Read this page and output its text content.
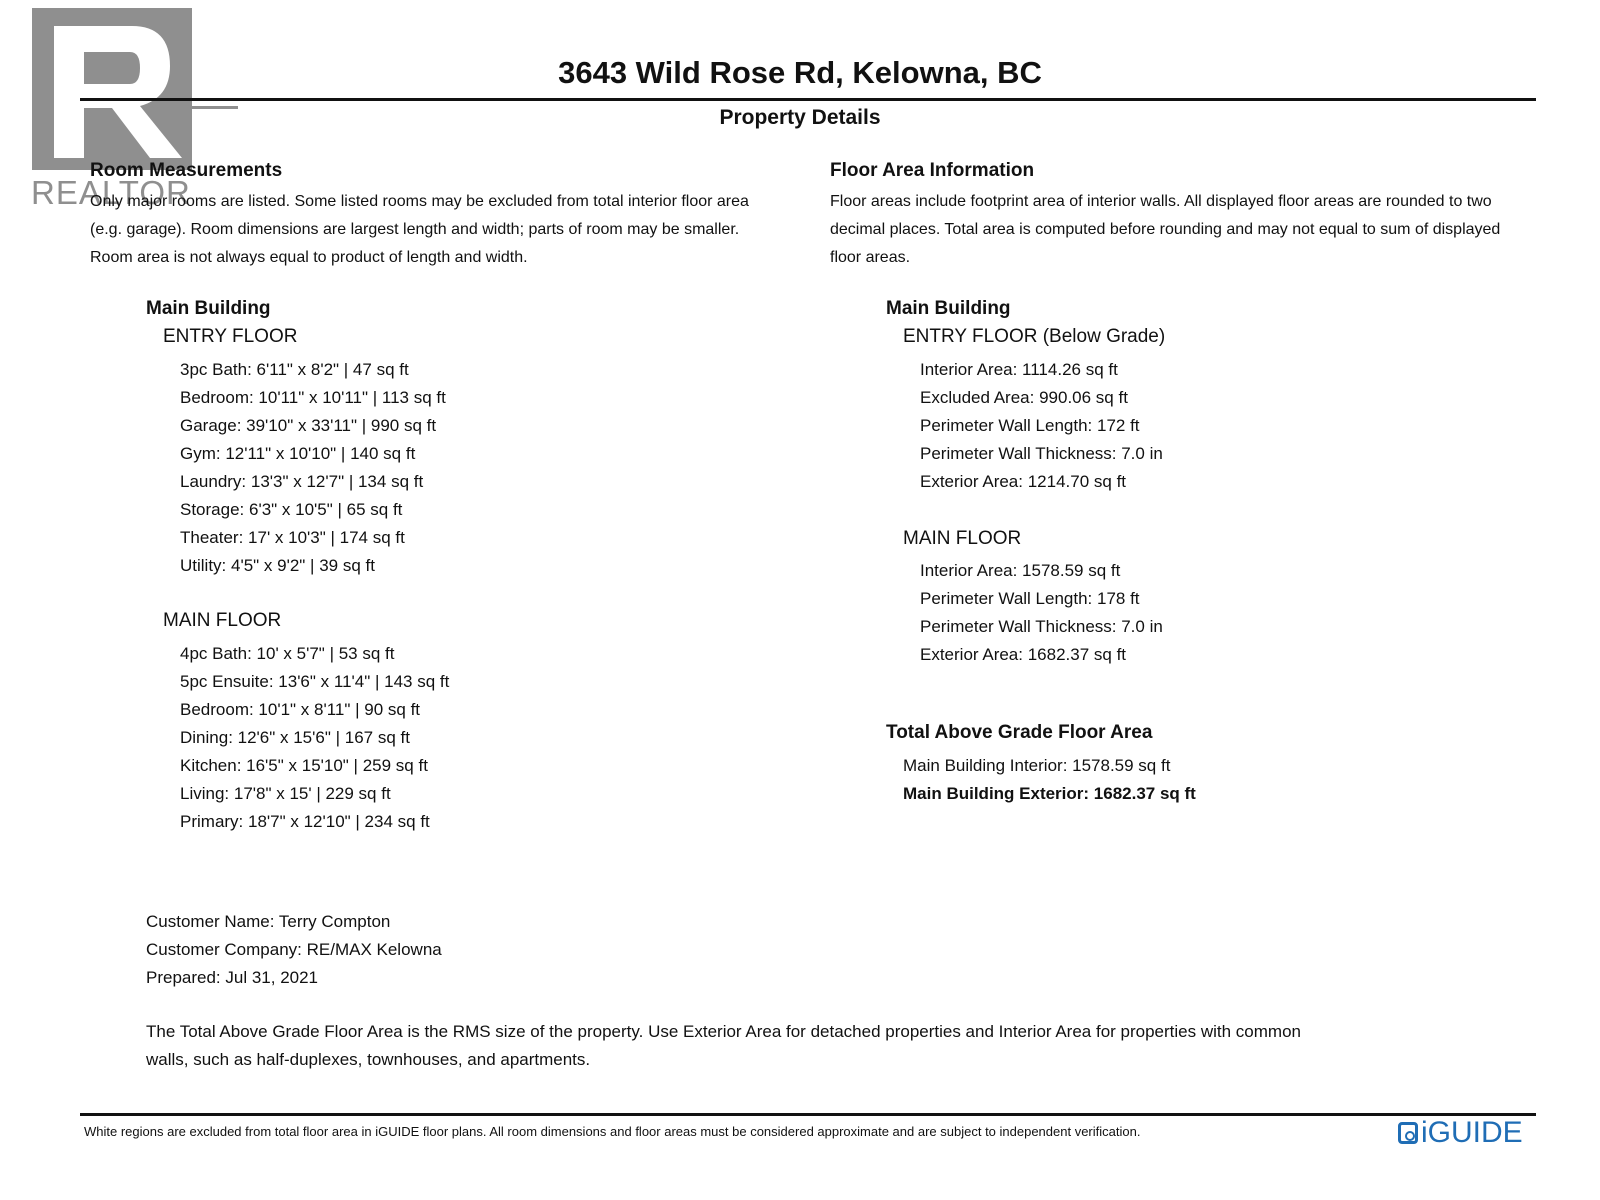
REALTOR
3643 Wild Rose Rd, Kelowna, BC
Property Details
Room Measurements
Only major rooms are listed. Some listed rooms may be excluded from total interior floor area
(e.g. garage). Room dimensions are largest length and width; parts of room may be smaller.
Room area is not always equal to product of length and width.
Main Building
ENTRY FLOOR
3pc Bath: 6'11" x 8'2" | 47 sq ft
Bedroom: 10'11" x 10'11" | 113 sq ft
Garage: 39'10" x 33'11" | 990 sq ft
Gym: 12'11" x 10'10" | 140 sq ft
Laundry: 13'3" x 12'7" | 134 sq ft
Storage: 6'3" x 10'5" | 65 sq ft
Theater: 17' x 10'3" | 174 sq ft
Utility: 4'5" x 9'2" | 39 sq ft
MAIN FLOOR
4pc Bath: 10' x 5'7" | 53 sq ft
5pc Ensuite: 13'6" x 11'4" | 143 sq ft
Bedroom: 10'1" x 8'11" | 90 sq ft
Dining: 12'6" x 15'6" | 167 sq ft
Kitchen: 16'5" x 15'10" | 259 sq ft
Living: 17'8" x 15' | 229 sq ft
Primary: 18'7" x 12'10" | 234 sq ft
Floor Area Information
Floor areas include footprint area of interior walls. All displayed floor areas are rounded to two
decimal places. Total area is computed before rounding and may not equal to sum of displayed
floor areas.
Main Building
ENTRY FLOOR (Below Grade)
Interior Area: 1114.26 sq ft
Excluded Area: 990.06 sq ft
Perimeter Wall Length: 172 ft
Perimeter Wall Thickness: 7.0 in
Exterior Area: 1214.70 sq ft
MAIN FLOOR
Interior Area: 1578.59 sq ft
Perimeter Wall Length: 178 ft
Perimeter Wall Thickness: 7.0 in
Exterior Area: 1682.37 sq ft
Total Above Grade Floor Area
Main Building Interior: 1578.59 sq ft
Main Building Exterior: 1682.37 sq ft
Customer Name: Terry Compton
Customer Company: RE/MAX Kelowna
Prepared: Jul 31, 2021
The Total Above Grade Floor Area is the RMS size of the property. Use Exterior Area for detached properties and Interior Area for properties with common
walls, such as half-duplexes, townhouses, and apartments.
White regions are excluded from total floor area in iGUIDE floor plans. All room dimensions and floor areas must be considered approximate and are subject to independent verification.	iGUIDE
